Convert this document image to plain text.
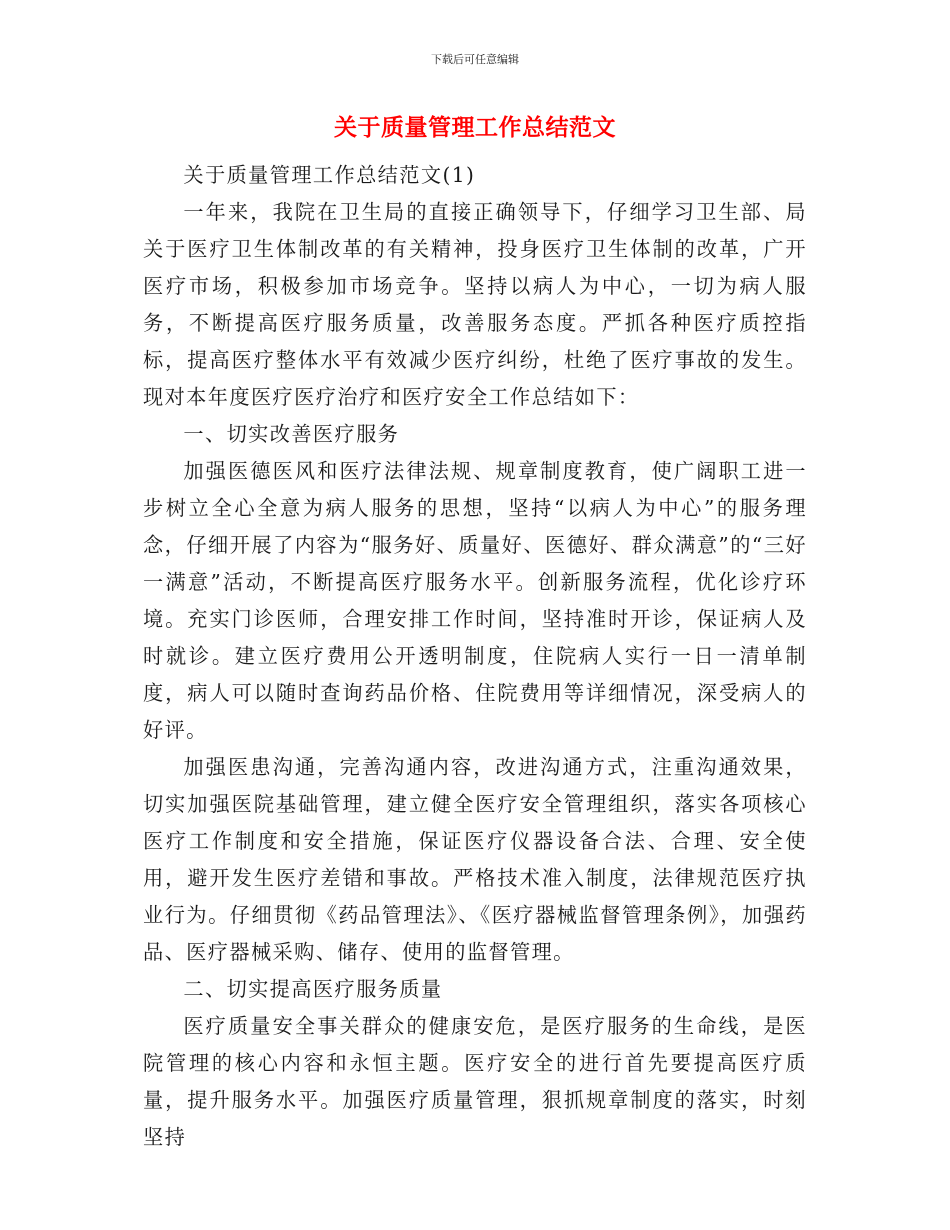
下载后可任意编辑
关于质量管理工作总结范文

关于质量管理工作总结范文(1)

一年来，我院在卫生局的直接正确领导下，仔细学习卫生部、局关于医疗卫生体制改革的有关精神，投身医疗卫生体制的改革，广开医疗市场，积极参加市场竞争。坚持以病人为中心，一切为病人服务，不断提高医疗服务质量，改善服务态度。严抓各种医疗质控指标，提高医疗整体水平有效减少医疗纠纷，杜绝了医疗事故的发生。现对本年度医疗医疗治疗和医疗安全工作总结如下：

一、切实改善医疗服务

加强医德医风和医疗法律法规、规章制度教育，使广阔职工进一步树立全心全意为病人服务的思想，坚持“以病人为中心”的服务理念，仔细开展了内容为“服务好、质量好、医德好、群众满意”的“三好一满意”活动，不断提高医疗服务水平。创新服务流程，优化诊疗环境。充实门诊医师，合理安排工作时间，坚持准时开诊，保证病人及时就诊。建立医疗费用公开透明制度，住院病人实行一日一清单制度，病人可以随时查询药品价格、住院费用等详细情况，深受病人的好评。

加强医患沟通，完善沟通内容，改进沟通方式，注重沟通效果，切实加强医院基础管理，建立健全医疗安全管理组织，落实各项核心医疗工作制度和安全措施，保证医疗仪器设备合法、合理、安全使用，避开发生医疗差错和事故。严格技术准入制度，法律规范医疗执业行为。仔细贯彻《药品管理法》、《医疗器械监督管理条例》，加强药品、医疗器械采购、储存、使用的监督管理。

二、切实提高医疗服务质量

医疗质量安全事关群众的健康安危，是医疗服务的生命线，是医院管理的核心内容和永恒主题。医疗安全的进行首先要提高医疗质量，提升服务水平。加强医疗质量管理，狠抓规章制度的落实，时刻坚持
